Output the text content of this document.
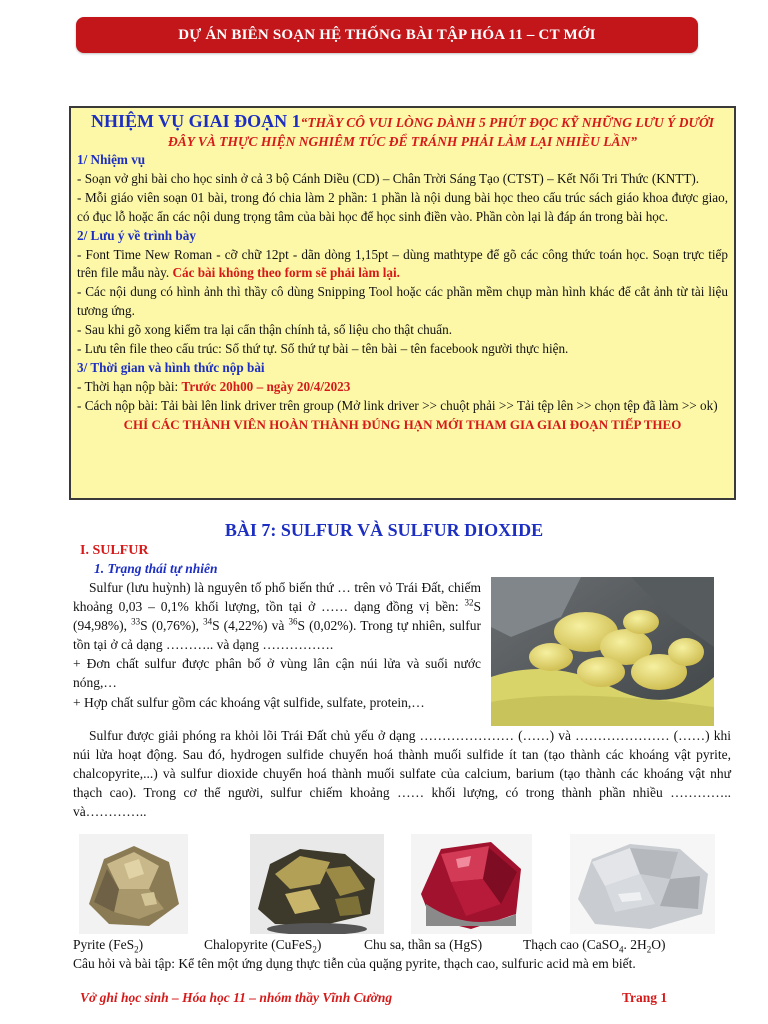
DỰ ÁN BIÊN SOẠN HỆ THỐNG BÀI TẬP HÓA 11 – CT MỚI
NHIỆM VỤ GIAI ĐOẠN 1“THẦY CÔ VUI LÒNG DÀNH 5 PHÚT ĐỌC KỸ NHỮNG LƯU Ý DƯỚI ĐÂY VÀ THỰC HIỆN NGHIÊM TÚC ĐỂ TRÁNH PHẢI LÀM LẠI NHIỀU LẦN”
1/ Nhiệm vụ

- Soạn vở ghi bài cho học sinh ở cả 3 bộ Cánh Diều (CD) – Chân Trời Sáng Tạo (CTST) – Kết Nối Tri Thức (KNTT).

- Mỗi giáo viên soạn 01 bài, trong đó chia làm 2 phần: 1 phần là nội dung bài học theo cấu trúc sách giáo khoa được giao, có đục lỗ hoặc ẩn các nội dung trọng tâm của bài học để học sinh điền vào. Phần còn lại là đáp án trong bài học.

2/ Lưu ý về trình bày

- Font Time New Roman - cỡ chữ 12pt - dãn dòng 1,15pt – dùng mathtype để gõ các công thức toán học. Soạn trực tiếp trên file mẫu này. Các bài không theo form sẽ phải làm lại.

- Các nội dung có hình ảnh thì thầy cô dùng Snipping Tool hoặc các phần mềm chụp màn hình khác để cắt ảnh từ tài liệu tương ứng.

- Sau khi gõ xong kiểm tra lại cẩn thận chính tả, số liệu cho thật chuẩn.

- Lưu tên file theo cấu trúc: Số thứ tự. Số thứ tự bài – tên bài – tên facebook người thực hiện.

3/ Thời gian và hình thức nộp bài

- Thời hạn nộp bài: Trước 20h00 – ngày 20/4/2023

- Cách nộp bài: Tải bài lên link driver trên group (Mở link driver >> chuột phải >> Tải tệp lên >> chọn tệp đã làm >> ok)

CHỈ CÁC THÀNH VIÊN HOÀN THÀNH ĐÚNG HẠN MỚI THAM GIA GIAI ĐOẠN TIẾP THEO
BÀI 7: SULFUR VÀ SULFUR DIOXIDE
I. SULFUR
1. Trạng thái tự nhiên

Sulfur (lưu huỳnh) là nguyên tố phổ biến thứ … trên vỏ Trái Đất, chiếm khoảng 0,03 – 0,1% khối lượng, tồn tại ở …… dạng đồng vị bền: $^{32}$S (94,98%), $^{33}$S (0,76%), $^{34}$S (4,22%) và $^{36}$S (0,02%). Trong tự nhiên, sulfur tồn tại ở cả dạng ……….. và dạng …………….

+ Đơn chất sulfur được phân bố ở vùng lân cận núi lửa và suối nước nóng,…

+ Hợp chất sulfur gồm các khoáng vật sulfide, sulfate, protein,…

Sulfur được giải phóng ra khỏi lõi Trái Đất chủ yếu ở dạng ………………… (……) và ………………… (……) khi núi lửa hoạt động. Sau đó, hydrogen sulfide chuyển hoá thành muối sulfide ít tan (tạo thành các khoáng vật pyrite, chalcopyrite,...) và sulfur dioxide chuyển hoá thành muối sulfate của calcium, barium (tạo thành các khoáng vật như thạch cao). Trong cơ thể người, sulfur chiếm khoảng …… khối lượng, có trong thành phần nhiều ………….. và…………..

Pyrite (FeS$_2$)	Chalopyrite (CuFeS$_2$)	Chu sa, thần sa (HgS)	Thạch cao (CaSO$_4$. $2H_2O$)
Câu hỏi và bài tập: Kể tên một ứng dụng thực tiễn của quặng pyrite, thạch cao, sulfuric acid mà em biết.
Vở ghi học sinh – Hóa học 11 – nhóm thầy Vĩnh Cường	Trang 1
